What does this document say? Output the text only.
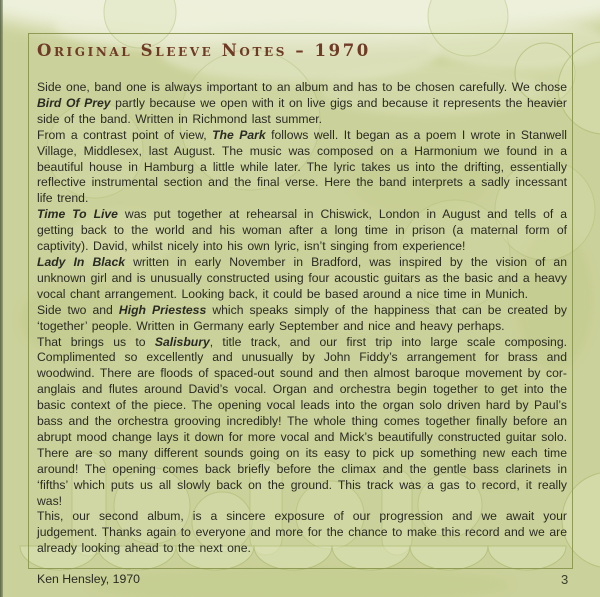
Original Sleeve Notes – 1970

Side one, band one is always important to an album and has to be chosen carefully. We chose Bird Of Prey partly because we open with it on live gigs and because it represents the heavier side of the band. Written in Richmond last summer.

From a contrast point of view, The Park follows well. It began as a poem I wrote in Stanwell Village, Middlesex, last August. The music was composed on a Harmonium we found in a beautiful house in Hamburg a little while later. The lyric takes us into the drifting, essentially reflective instrumental section and the final verse. Here the band interprets a sadly incessant life trend.

Time To Live was put together at rehearsal in Chiswick, London in August and tells of a getting back to the world and his woman after a long time in prison (a maternal form of captivity). David, whilst nicely into his own lyric, isn’t singing from experience!

Lady In Black written in early November in Bradford, was inspired by the vision of an unknown girl and is unusually constructed using four acoustic guitars as the basic and a heavy vocal chant arrangement. Looking back, it could be based around a nice time in Munich.

Side two and High Priestess which speaks simply of the happiness that can be created by ‘together’ people. Written in Germany early September and nice and heavy perhaps.

That brings us to Salisbury, title track, and our first trip into large scale composing. Complimented so excellently and unusually by John Fiddy’s arrangement for brass and woodwind. There are floods of spaced-out sound and then almost baroque movement by cor-anglais and flutes around David’s vocal. Organ and orchestra begin together to get into the basic context of the piece. The opening vocal leads into the organ solo driven hard by Paul’s bass and the orchestra grooving incredibly! The whole thing comes together finally before an abrupt mood change lays it down for more vocal and Mick’s beautifully constructed guitar solo. There are so many different sounds going on its easy to pick up something new each time around! The opening comes back briefly before the climax and the gentle bass clarinets in ‘fifths’ which puts us all slowly back on the ground. This track was a gas to record, it really was!

This, our second album, is a sincere exposure of our progression and we await your judgement. Thanks again to everyone and more for the chance to make this record and we are already looking ahead to the next one.

Ken Hensley, 1970	3
